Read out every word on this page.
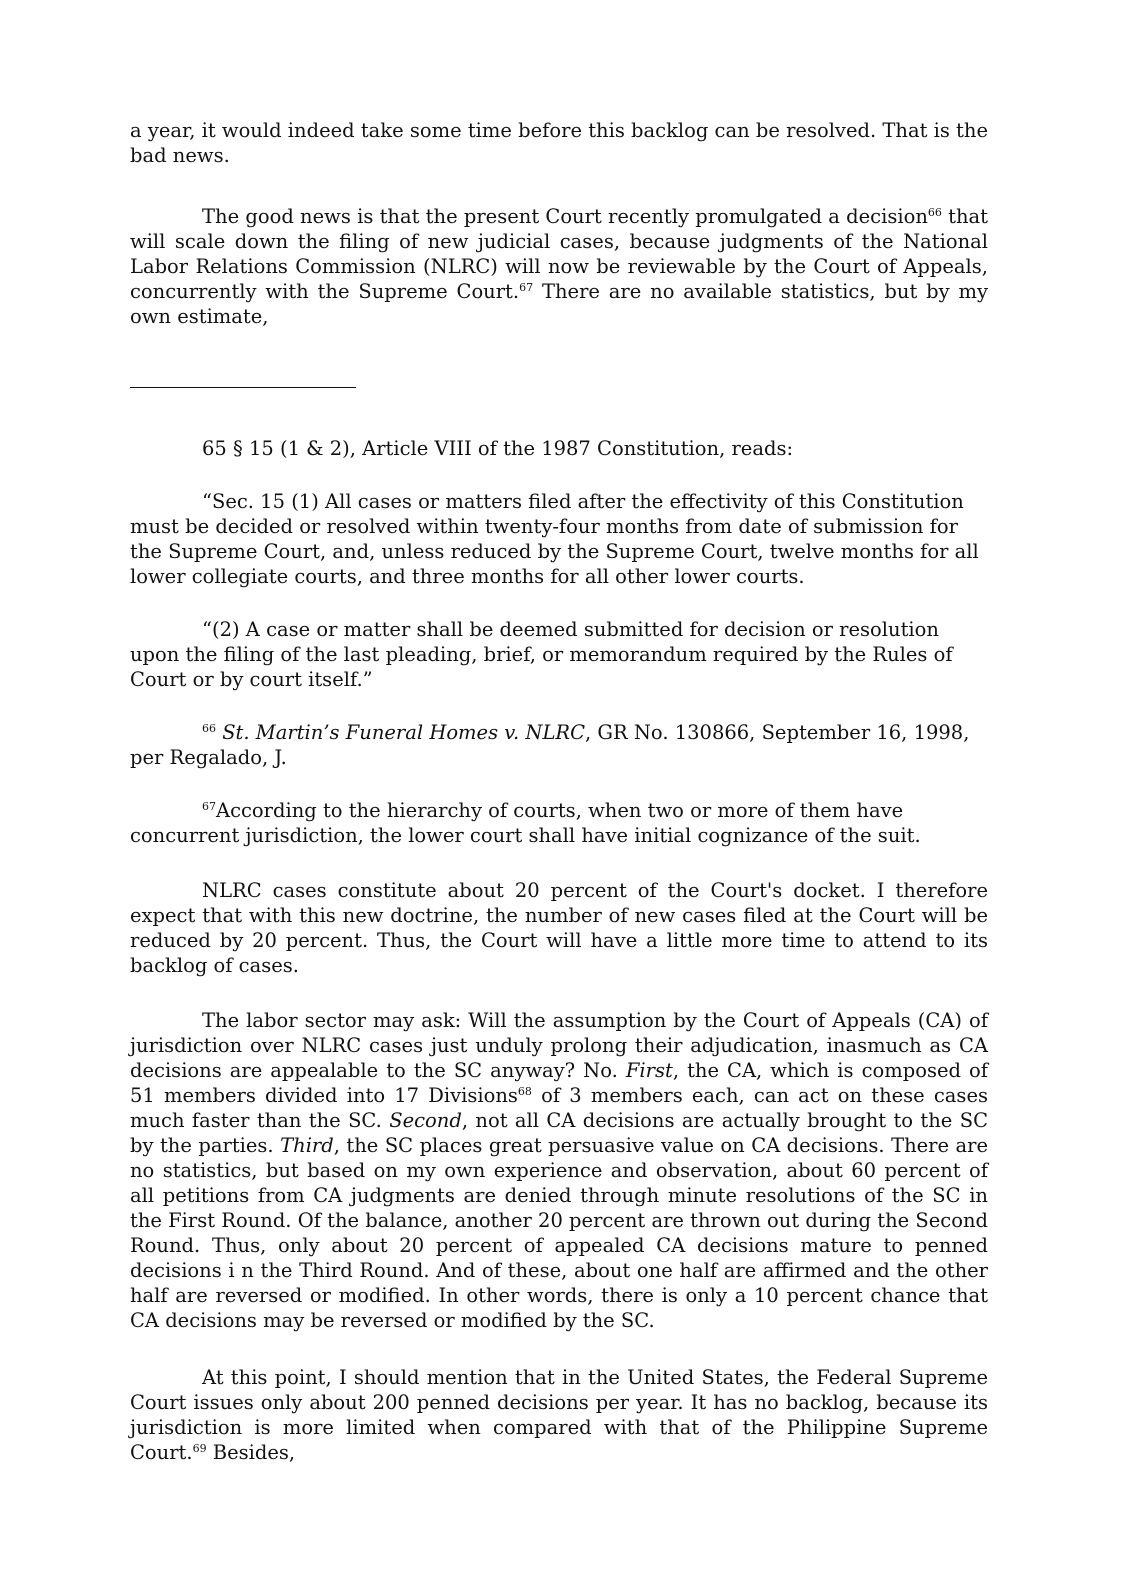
a year, it would indeed take some time before this backlog can be resolved. That is the bad news.

The good news is that the present Court recently promulgated a decision$^{66}$ that will scale down the filing of new judicial cases, because judgments of the National Labor Relations Commission (NLRC) will now be reviewable by the Court of Appeals, concurrently with the Supreme Court.$^{67}$ There are no available statistics, but by my own estimate,

65 § 15 (1 & 2), Article VIII of the 1987 Constitution, reads:

“Sec. 15 (1) All cases or matters filed after the effectivity of this Constitution must be decided or resolved within twenty-four months from date of submission for the Supreme Court, and, unless reduced by the Supreme Court, twelve months for all lower collegiate courts, and three months for all other lower courts.

“(2) A case or matter shall be deemed submitted for decision or resolution upon the filing of the last pleading, brief, or memorandum required by the Rules of Court or by court itself.”

$^{66}$ St. Martin’s Funeral Homes v. NLRC, GR No. 130866, September 16, 1998, per Regalado, J.

$^{67}$According to the hierarchy of courts, when two or more of them have concurrent jurisdiction, the lower court shall have initial cognizance of the suit.

NLRC cases constitute about 20 percent of the Court's docket. I therefore expect that with this new doctrine, the number of new cases filed at the Court will be reduced by 20 percent. Thus, the Court will have a little more time to attend to its backlog of cases.

The labor sector may ask: Will the assumption by the Court of Appeals (CA) of jurisdiction over NLRC cases just unduly prolong their adjudication, inasmuch as CA decisions are appealable to the SC anyway? No. First, the CA, which is composed of 51 members divided into 17 Divisions$^{68}$ of 3 members each, can act on these cases much faster than the SC. Second, not all CA decisions are actually brought to the SC by the parties. Third, the SC places great persuasive value on CA decisions. There are no statistics, but based on my own experience and observation, about 60 percent of all petitions from CA judgments are denied through minute resolutions of the SC in the First Round. Of the balance, another 20 percent are thrown out during the Second Round. Thus, only about 20 percent of appealed CA decisions mature to penned decisions i n the Third Round. And of these, about one half are affirmed and the other half are reversed or modified. In other words, there is only a 10 percent chance that CA decisions may be reversed or modified by the SC.

At this point, I should mention that in the United States, the Federal Supreme Court issues only about 200 penned decisions per year. It has no backlog, because its jurisdiction is more limited when compared with that of the Philippine Supreme Court.$^{69}$ Besides,
